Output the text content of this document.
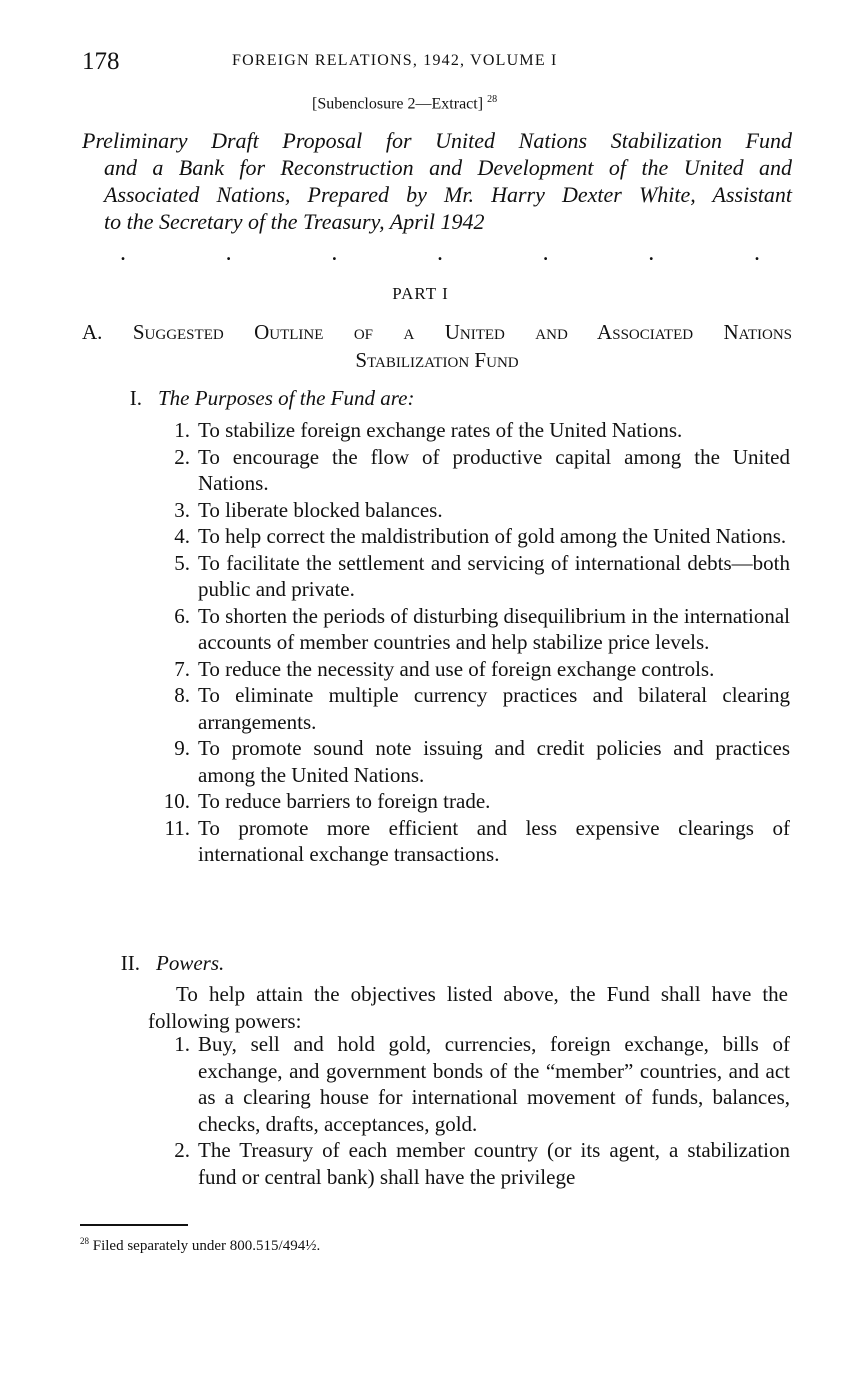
178	FOREIGN RELATIONS, 1942, VOLUME I
[Subenclosure 2—Extract] $^{28}$
Preliminary Draft Proposal for United Nations Stabilization Fund
and a Bank for Reconstruction and Development of the United and
Associated Nations, Prepared by Mr. Harry Dexter White, Assistant
to the Secretary of the Treasury, April 1942
.	.	.	.	.	.	.
PART I
A. Suggested Outline of a United and Associated Nations
Stabilization Fund
I. The Purposes of the Fund are:
1. To stabilize foreign exchange rates of the United Nations.
2. To encourage the flow of productive capital among the United Nations.
3. To liberate blocked balances.
4. To help correct the maldistribution of gold among the United Nations.
5. To facilitate the settlement and servicing of international debts—both public and private.
6. To shorten the periods of disturbing disequilibrium in the international accounts of member countries and help stabilize price levels.
7. To reduce the necessity and use of foreign exchange controls.
8. To eliminate multiple currency practices and bilateral clearing arrangements.
9. To promote sound note issuing and credit policies and practices among the United Nations.
10. To reduce barriers to foreign trade.
11. To promote more efficient and less expensive clearings of international exchange transactions.
II. Powers.
To help attain the objectives listed above, the Fund shall have the following powers:
1. Buy, sell and hold gold, currencies, foreign exchange, bills of exchange, and government bonds of the “member” countries, and act as a clearing house for international movement of funds, balances, checks, drafts, acceptances, gold.
2. The Treasury of each member country (or its agent, a stabilization fund or central bank) shall have the privilege
$^{28}$ Filed separately under 800.515/494½.
